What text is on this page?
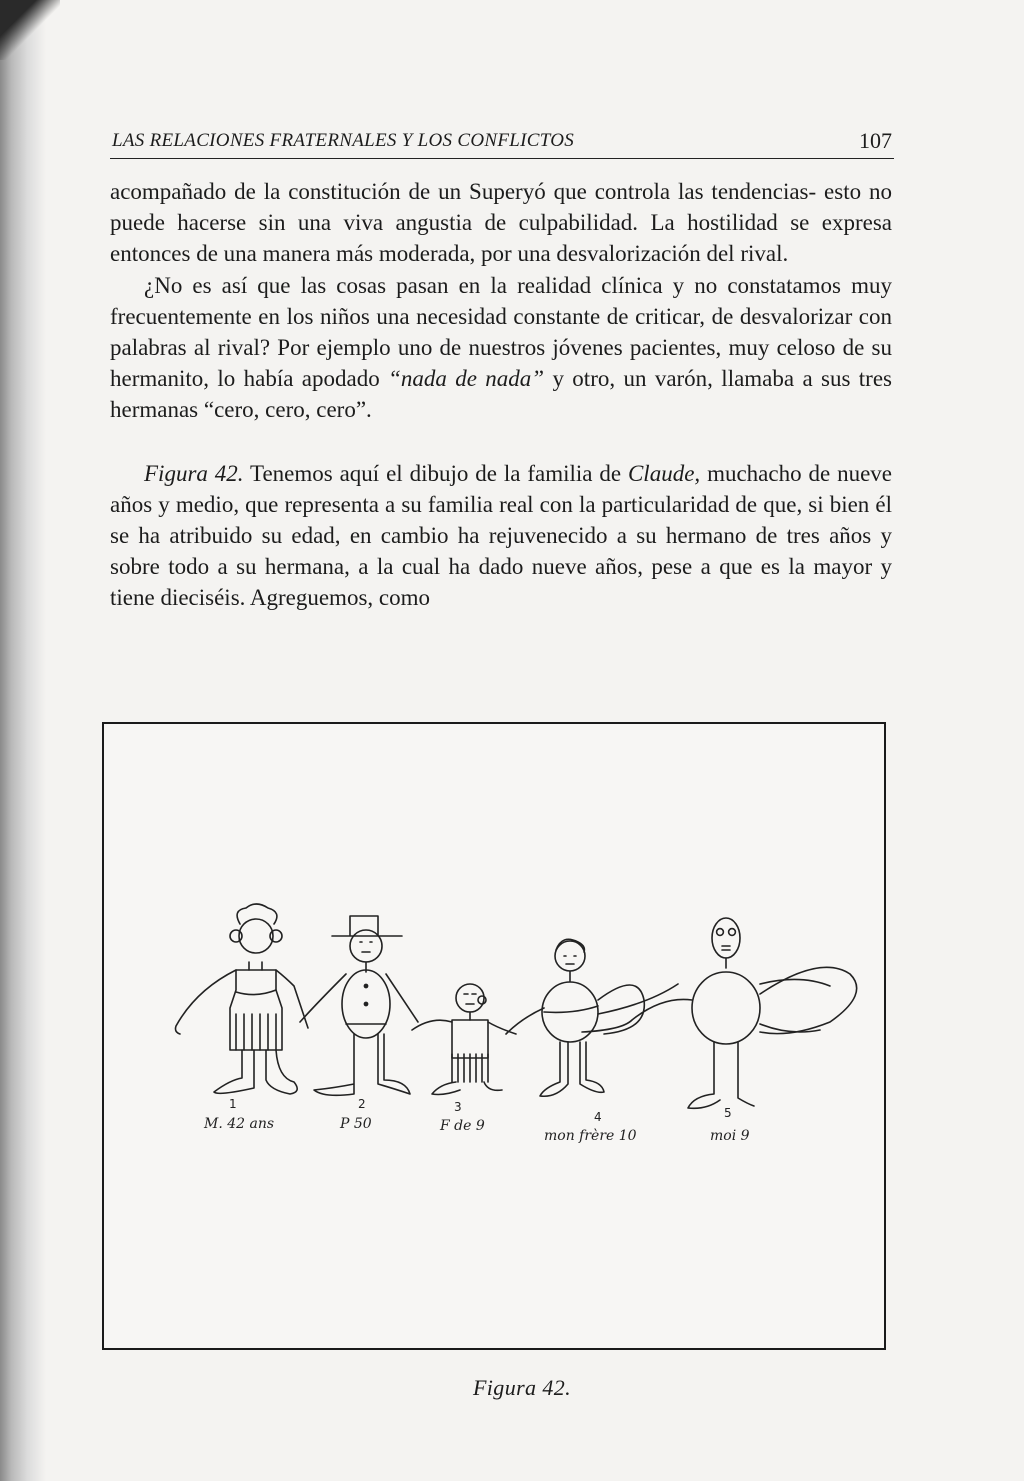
LAS RELACIONES FRATERNALES Y LOS CONFLICTOS	107

acompañado de la constitución de un Superyó que controla las tendencias- esto no puede hacerse sin una viva angustia de culpabilidad. La hostilidad se expresa entonces de una manera más moderada, por una desvalorización del rival.

¿No es así que las cosas pasan en la realidad clínica y no constatamos muy frecuentemente en los niños una necesidad constante de criticar, de desvalorizar con palabras al rival? Por ejemplo uno de nuestros jóvenes pacientes, muy celoso de su hermanito, lo había apodado “nada de nada” y otro, un varón, llamaba a sus tres hermanas “cero, cero, cero”.

Figura 42. Tenemos aquí el dibujo de la familia de Claude, muchacho de nueve años y medio, que representa a su familia real con la particularidad de que, si bien él se ha atribuido su edad, en cambio ha rejuvenecido a su hermano de tres años y sobre todo a su hermana, a la cual ha dado nueve años, pese a que es la mayor y tiene dieciséis. Agreguemos, como

1
M. 42 ans
2
P 50
3
F de 9
4
mon frère 10
5
moi 9
Figura 42.
